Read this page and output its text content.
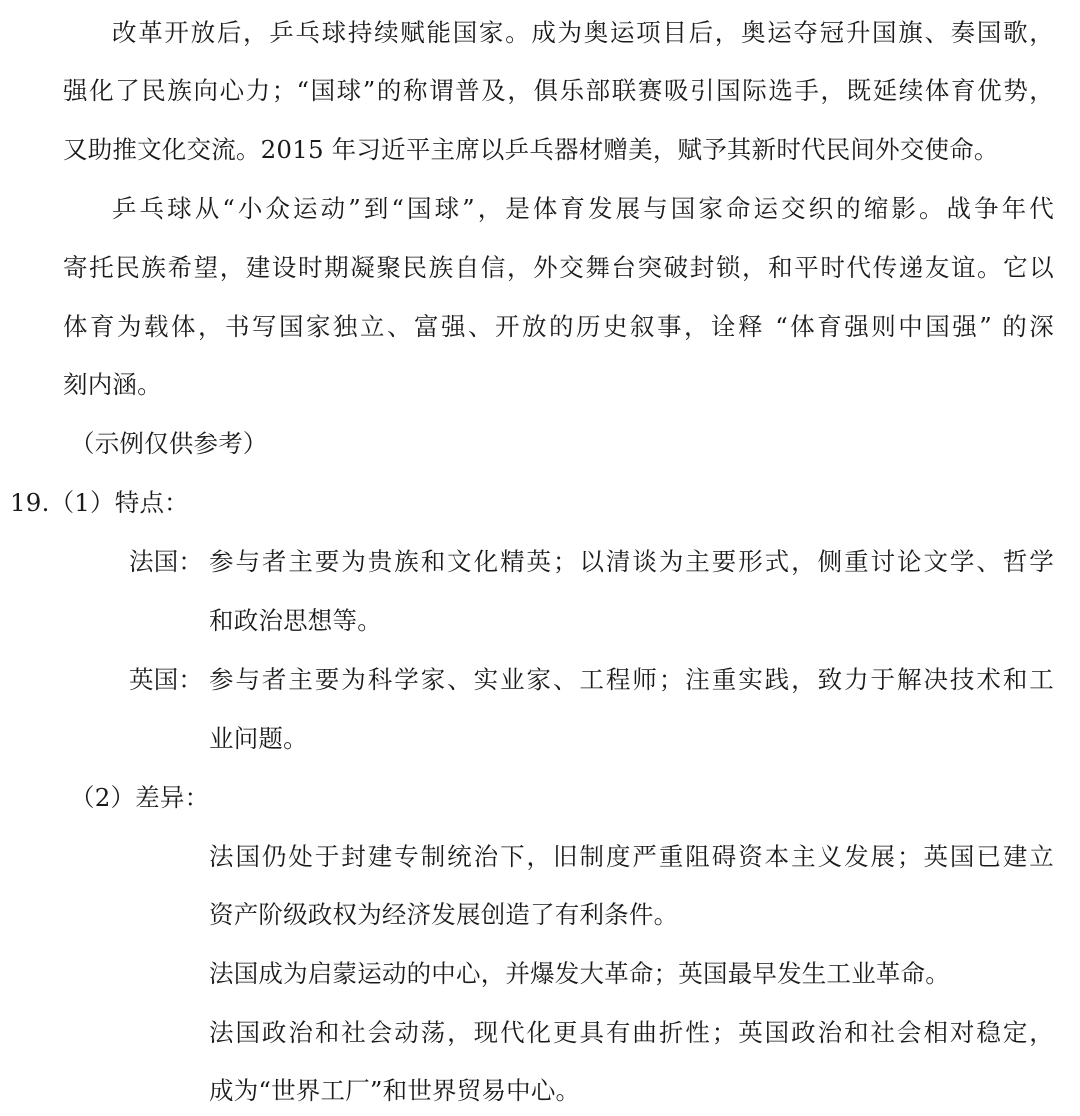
改革开放后，乒乓球持续赋能国家。成为奥运项目后，奥运夺冠升国旗、奏国歌，
强化了民族向心力；“国球”的称谓普及，俱乐部联赛吸引国际选手，既延续体育优势，
又助推文化交流。2015 年习近平主席以乒乓器材赠美，赋予其新时代民间外交使命。
乒乓球从“小众运动”到“国球”，是体育发展与国家命运交织的缩影。战争年代
寄托民族希望，建设时期凝聚民族自信，外交舞台突破封锁，和平时代传递友谊。它以
体育为载体，书写国家独立、富强、开放的历史叙事，诠释 “体育强则中国强” 的深
刻内涵。
（示例仅供参考）
19.（1）特点：
法国： 参与者主要为贵族和文化精英；以清谈为主要形式，侧重讨论文学、哲学
和政治思想等。
英国： 参与者主要为科学家、实业家、工程师；注重实践，致力于解决技术和工
业问题。
（2）差异：
法国仍处于封建专制统治下，旧制度严重阻碍资本主义发展；英国已建立
资产阶级政权为经济发展创造了有利条件。
法国成为启蒙运动的中心，并爆发大革命；英国最早发生工业革命。
法国政治和社会动荡，现代化更具有曲折性；英国政治和社会相对稳定，
成为“世界工厂”和世界贸易中心。
